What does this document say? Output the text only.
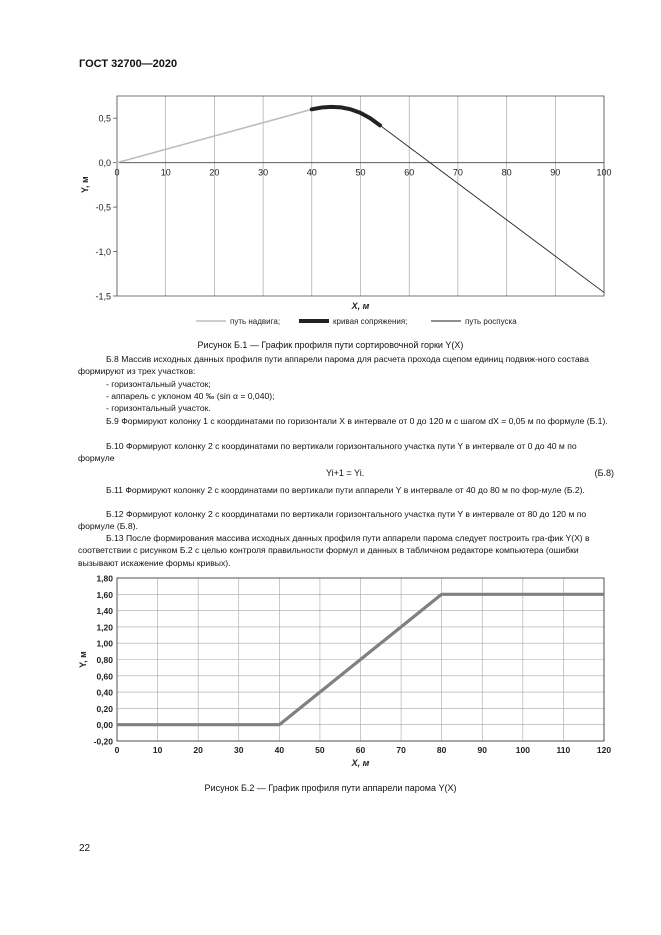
ГОСТ 32700—2020
0	10	20	30	40	50	60	70	80	90	100
0,5
0,0
-0,5
-1,0
-1,5
Y, м
X, м
путь надвига;	кривая сопряжения;	путь роспуска
Рисунок Б.1 — График профиля пути сортировочной горки Y(X)
Б.8 Массив исходных данных профиля пути аппарели парома для расчета прохода сцепом единиц подвиж-ного состава формируют из трех участков:
- горизонтальный участок;
- аппарель с уклоном 40 ‰ (sin α = 0,040);
- горизонтальный участок.
Б.9 Формируют колонку 1 с координатами по горизонтали X в интервале от 0 до 120 м с шагом dX = 0,05 м по формуле (Б.1).
Б.10 Формируют колонку 2 с координатами по вертикали горизонтального участка пути Y в интервале от 0 до 40 м по формуле
Yi+1 = Yi.	(Б.8)
Б.11 Формируют колонку 2 с координатами по вертикали пути аппарели Y в интервале от 40 до 80 м по фор-муле (Б.2).
Б.12 Формируют колонку 2 с координатами по вертикали горизонтального участка пути Y в интервале от 80 до 120 м по формуле (Б.8).
Б.13 После формирования массива исходных данных профиля пути аппарели парома следует построить гра-фик Y(X) в соответствии с рисунком Б.2 с целью контроля правильности формул и данных в табличном редакторе компьютера (ошибки вызывают искажение формы кривых).
1,80
1,60
1,40
1,20
1,00
0,80
0,60
0,40
0,20
0,00
-0,20
0	10	20	30	40	50	60	70	80	90	100	110	120
Y, м
X, м
Рисунок Б.2 — График профиля пути аппарели парома Y(X)
22
